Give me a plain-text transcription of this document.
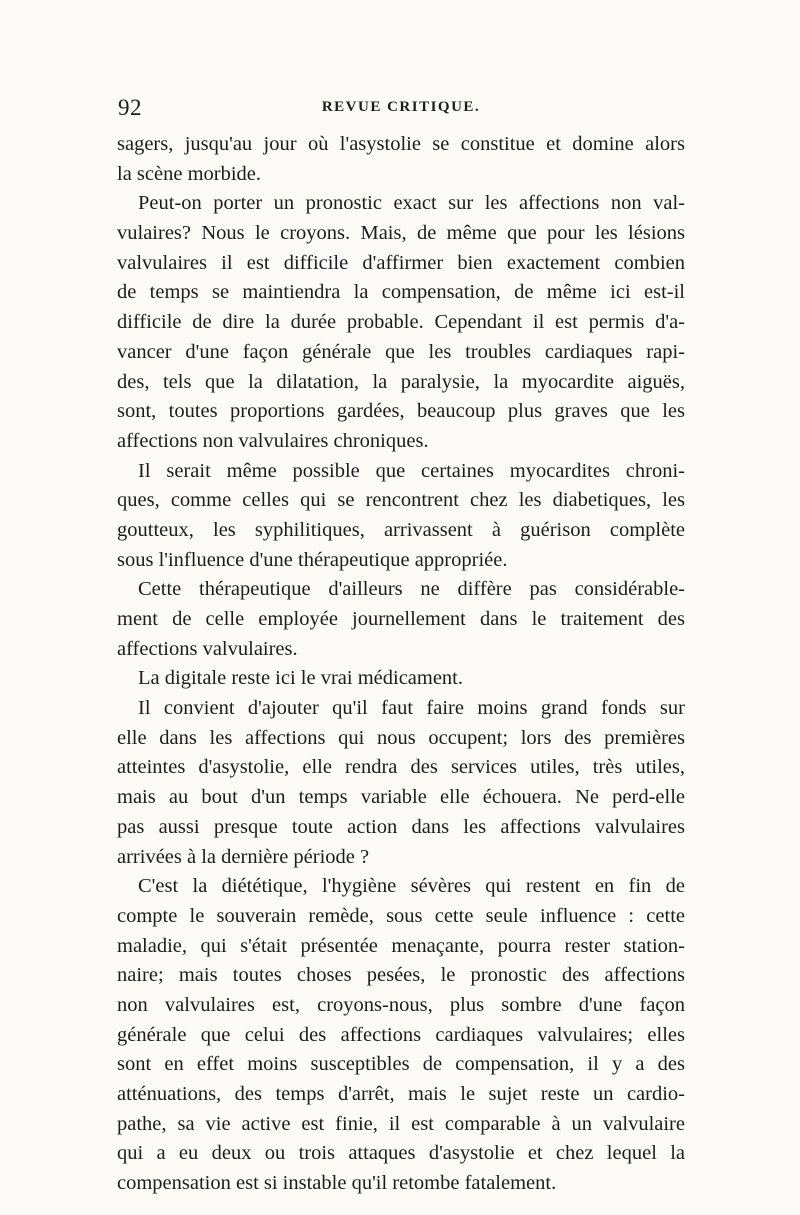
92	REVUE CRITIQUE.
sagers, jusqu'au jour où l'asystolie se constitue et domine alors
la scène morbide.
Peut-on porter un pronostic exact sur les affections non val-
vulaires? Nous le croyons. Mais, de même que pour les lésions
valvulaires il est difficile d'affirmer bien exactement combien
de temps se maintiendra la compensation, de même ici est-il
difficile de dire la durée probable. Cependant il est permis d'a-
vancer d'une façon générale que les troubles cardiaques rapi-
des, tels que la dilatation, la paralysie, la myocardite aiguës,
sont, toutes proportions gardées, beaucoup plus graves que les
affections non valvulaires chroniques.
Il serait même possible que certaines myocardites chroni-
ques, comme celles qui se rencontrent chez les diabetiques, les
goutteux, les syphilitiques, arrivassent à guérison complète
sous l'influence d'une thérapeutique appropriée.
Cette thérapeutique d'ailleurs ne diffère pas considérable-
ment de celle employée journellement dans le traitement des
affections valvulaires.
La digitale reste ici le vrai médicament.
Il convient d'ajouter qu'il faut faire moins grand fonds sur
elle dans les affections qui nous occupent; lors des premières
atteintes d'asystolie, elle rendra des services utiles, très utiles,
mais au bout d'un temps variable elle échouera. Ne perd-elle
pas aussi presque toute action dans les affections valvulaires
arrivées à la dernière période ?
C'est la diététique, l'hygiène sévères qui restent en fin de
compte le souverain remède, sous cette seule influence : cette
maladie, qui s'était présentée menaçante, pourra rester station-
naire; mais toutes choses pesées, le pronostic des affections
non valvulaires est, croyons-nous, plus sombre d'une façon
générale que celui des affections cardiaques valvulaires; elles
sont en effet moins susceptibles de compensation, il y a des
atténuations, des temps d'arrêt, mais le sujet reste un cardio-
pathe, sa vie active est finie, il est comparable à un valvulaire
qui a eu deux ou trois attaques d'asystolie et chez lequel la
compensation est si instable qu'il retombe fatalement.
